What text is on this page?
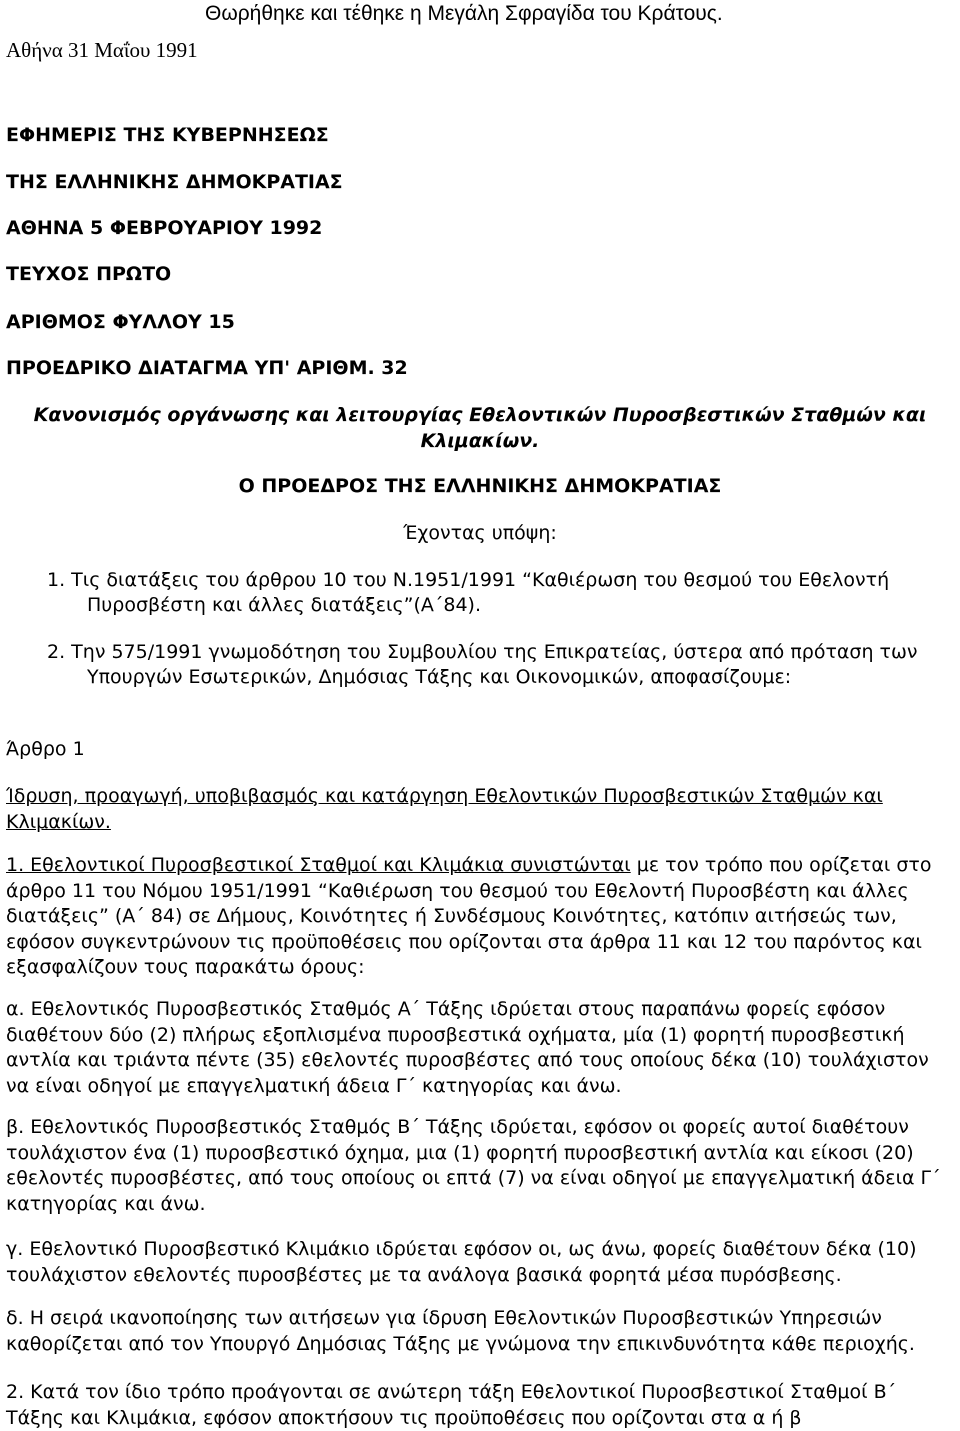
Θωρήθηκε και τέθηκε η Μεγάλη Σφραγίδα του Κράτους.
Αθήνα 31 Μαΐου 1991
ΕΦΗΜΕΡΙΣ ΤΗΣ ΚΥΒΕΡΝΗΣΕΩΣ
ΤΗΣ ΕΛΛΗΝΙΚΗΣ ΔΗΜΟΚΡΑΤΙΑΣ
ΑΘΗΝΑ 5 ΦΕΒΡΟΥΑΡΙΟΥ 1992
ΤΕΥΧΟΣ ΠΡΩΤΟ
ΑΡΙΘΜΟΣ ΦΥΛΛΟΥ 15
ΠΡΟΕΔΡΙΚΟ ΔΙΑΤΑΓΜΑ ΥΠ' ΑΡΙΘΜ. 32
Κανονισμός οργάνωσης και λειτουργίας Εθελοντικών Πυροσβεστικών Σταθμών και
Κλιμακίων.
Ο ΠΡΟΕΔΡΟΣ ΤΗΣ ΕΛΛΗΝΙΚΗΣ ΔΗΜΟΚΡΑΤΙΑΣ
Έχοντας υπόψη:
1. Τις διατάξεις του άρθρου 10 του Ν.1951/1991 “Καθιέρωση του θεσμού του Εθελοντή
Πυροσβέστη και άλλες διατάξεις”(Α΄84).
2. Την 575/1991 γνωμοδότηση του Συμβουλίου της Επικρατείας, ύστερα από πρόταση των
Υπουργών Εσωτερικών, Δημόσιας Τάξης και Οικονομικών, αποφασίζουμε:
Άρθρο 1
Ίδρυση, προαγωγή, υποβιβασμός και κατάργηση Εθελοντικών Πυροσβεστικών Σταθμών και Κλιμακίων.
1. Εθελοντικοί Πυροσβεστικοί Σταθμοί και Κλιμάκια συνιστώνται με τον τρόπο που ορίζεται στο άρθρο 11 του Νόμου 1951/1991 “Καθιέρωση του θεσμού του Εθελοντή Πυροσβέστη και άλλες διατάξεις” (Α΄ 84) σε Δήμους, Κοινότητες ή Συνδέσμους Κοινότητες, κατόπιν αιτήσεώς των, εφόσον συγκεντρώνουν τις προϋποθέσεις που ορίζονται στα άρθρα 11 και 12 του παρόντος και εξασφαλίζουν τους παρακάτω όρους:
α. Εθελοντικός Πυροσβεστικός Σταθμός Α΄ Τάξης ιδρύεται στους παραπάνω φορείς εφόσον διαθέτουν δύο (2) πλήρως εξοπλισμένα πυροσβεστικά οχήματα, μία (1) φορητή πυροσβεστική αντλία και τριάντα πέντε (35) εθελοντές πυροσβέστες από τους οποίους δέκα (10) τουλάχιστον να είναι οδηγοί με επαγγελματική άδεια Γ΄ κατηγορίας και άνω.
β. Εθελοντικός Πυροσβεστικός Σταθμός Β΄ Τάξης ιδρύεται, εφόσον οι φορείς αυτοί διαθέτουν τουλάχιστον ένα (1) πυροσβεστικό όχημα, μια (1) φορητή πυροσβεστική αντλία και είκοσι (20) εθελοντές πυροσβέστες, από τους οποίους οι επτά (7) να είναι οδηγοί με επαγγελματική άδεια Γ΄ κατηγορίας και άνω.
γ. Εθελοντικό Πυροσβεστικό Κλιμάκιο ιδρύεται εφόσον οι, ως άνω, φορείς διαθέτουν δέκα (10) τουλάχιστον εθελοντές πυροσβέστες με τα ανάλογα βασικά φορητά μέσα πυρόσβεσης.
δ. Η σειρά ικανοποίησης των αιτήσεων για ίδρυση Εθελοντικών Πυροσβεστικών Υπηρεσιών καθορίζεται από τον Υπουργό Δημόσιας Τάξης με γνώμονα την επικινδυνότητα κάθε περιοχής.
2. Κατά τον ίδιο τρόπο προάγονται σε ανώτερη τάξη Εθελοντικοί Πυροσβεστικοί Σταθμοί Β΄ Τάξης και Κλιμάκια, εφόσον αποκτήσουν τις προϋποθέσεις που ορίζονται στα α ή β
